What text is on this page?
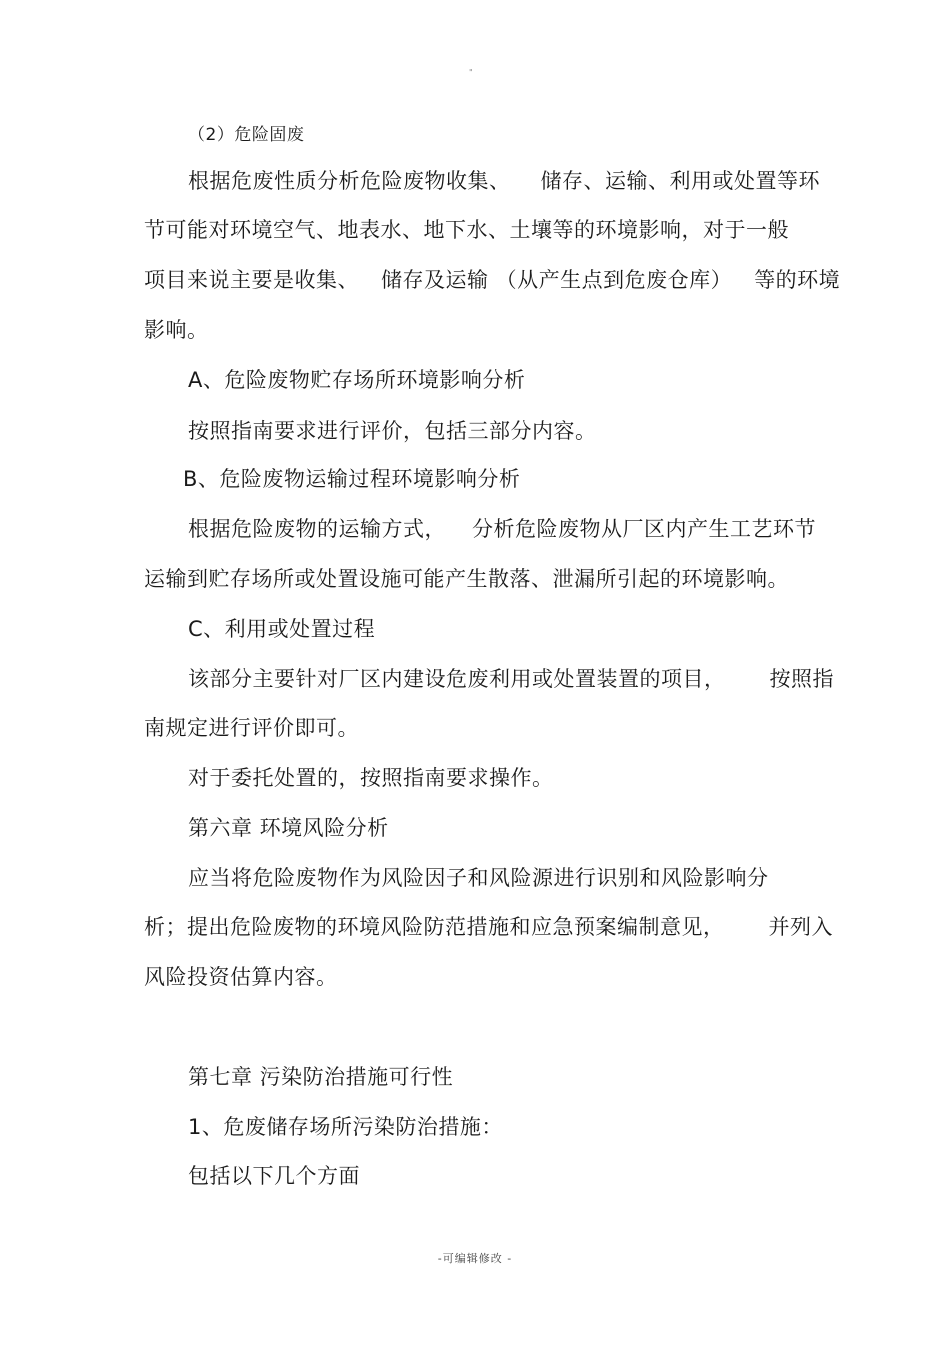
"
（2）危险固废
根据危废性质分析危险废物收集、 储存、运输、利用或处置等环
节可能对环境空气、地表水、地下水、土壤等的环境影响，对于一般
项目来说主要是收集、 储存及运输 （从产生点到危废仓库） 等的环境
影响。
A、危险废物贮存场所环境影响分析
按照指南要求进行评价，包括三部分内容。
B、危险废物运输过程环境影响分析
根据危险废物的运输方式， 分析危险废物从厂区内产生工艺环节
运输到贮存场所或处置设施可能产生散落、泄漏所引起的环境影响。
C、利用或处置过程
该部分主要针对厂区内建设危废利用或处置装置的项目， 按照指
南规定进行评价即可。
对于委托处置的，按照指南要求操作。
第六章 环境风险分析
应当将危险废物作为风险因子和风险源进行识别和风险影响分
析；提出危险废物的环境风险防范措施和应急预案编制意见， 并列入
风险投资估算内容。
第七章 污染防治措施可行性
1、危废储存场所污染防治措施：
包括以下几个方面
-可编辑修改 -
